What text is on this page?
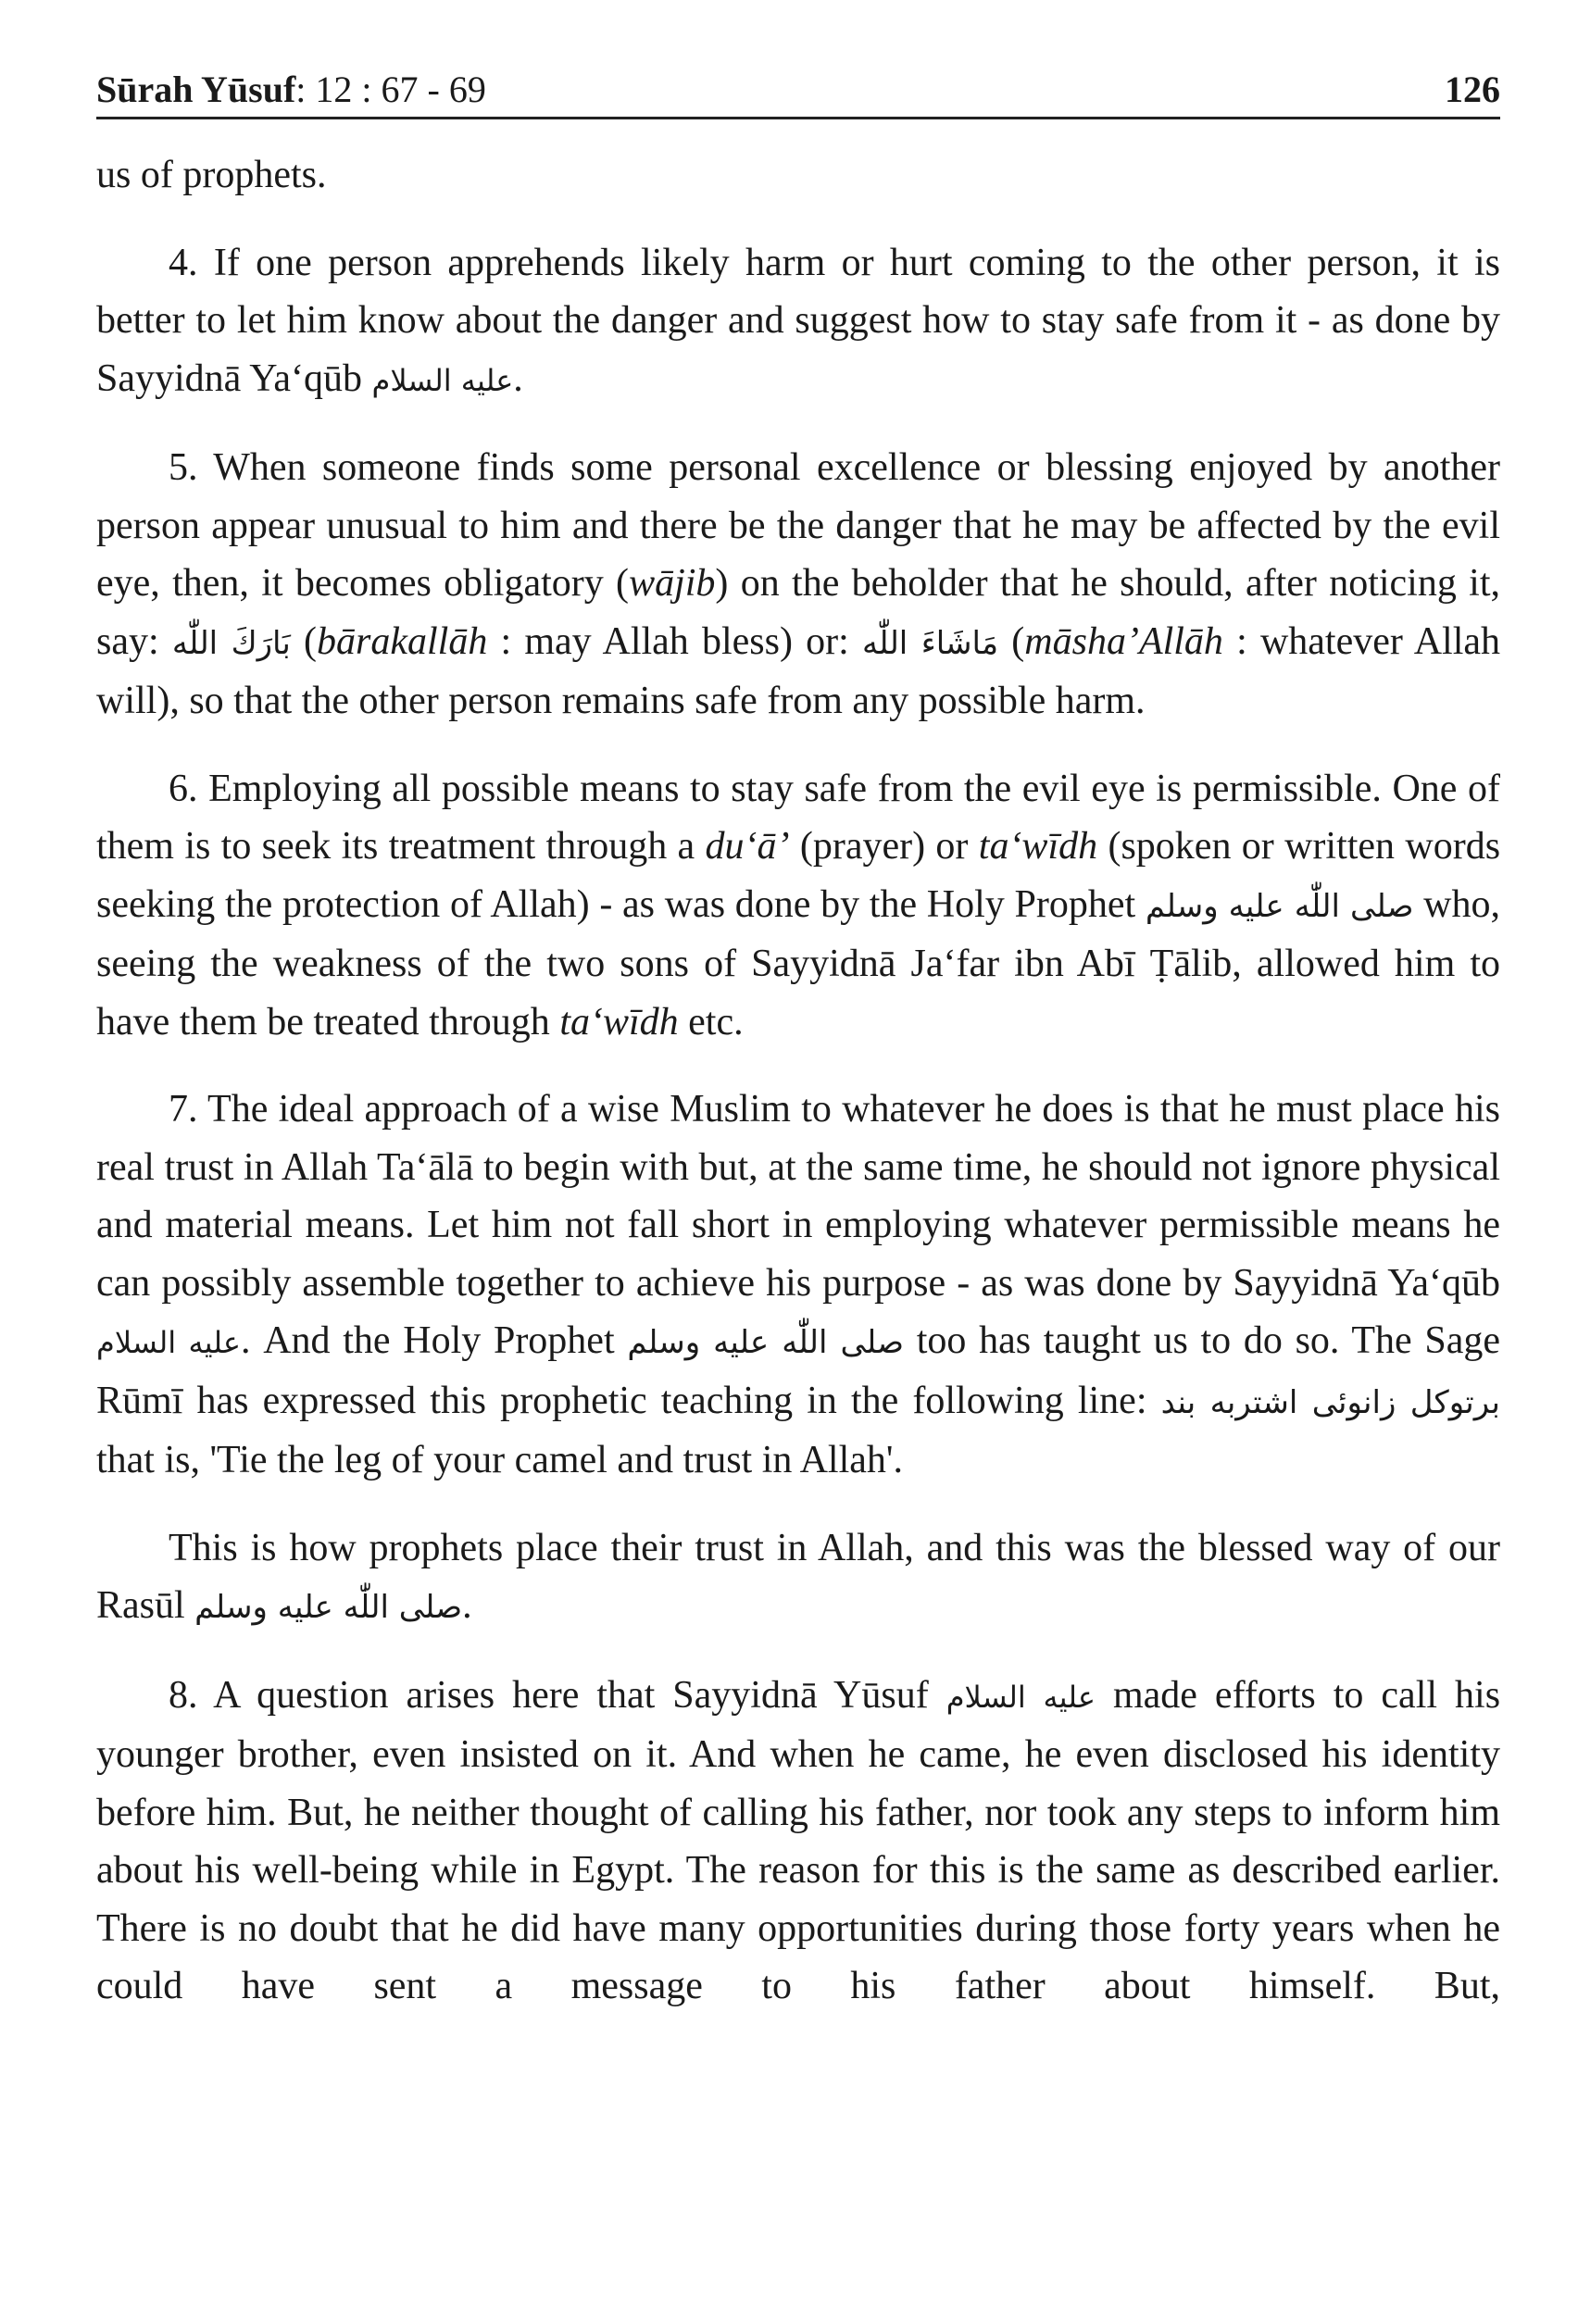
Sūrah Yūsuf: 12 : 67 - 69	126

us of prophets.

4. If one person apprehends likely harm or hurt coming to the other person, it is better to let him know about the danger and suggest how to stay safe from it - as done by Sayyidnā Ya‘qūb عليه السلام.

5. When someone finds some personal excellence or blessing enjoyed by another person appear unusual to him and there be the danger that he may be affected by the evil eye, then, it becomes obligatory (wājib) on the beholder that he should, after noticing it, say: بَارَكَ اللّٰه (bārakallāh : may Allah bless) or: مَاشَاءَ اللّٰه (māsha’Allāh : whatever Allah will), so that the other person remains safe from any possible harm.

6. Employing all possible means to stay safe from the evil eye is permissible. One of them is to seek its treatment through a du‘ā’ (prayer) or ta‘wīdh (spoken or written words seeking the protection of Allah) - as was done by the Holy Prophet صلى اللّٰه عليه وسلم who, seeing the weakness of the two sons of Sayyidnā Ja‘far ibn Abī Ṭālib, allowed him to have them be treated through ta‘wīdh etc.

7. The ideal approach of a wise Muslim to whatever he does is that he must place his real trust in Allah Ta‘ālā to begin with but, at the same time, he should not ignore physical and material means. Let him not fall short in employing whatever permissible means he can possibly assemble together to achieve his purpose - as was done by Sayyidnā Ya‘qūb عليه السلام. And the Holy Prophet صلى اللّٰه عليه وسلم too has taught us to do so. The Sage Rūmī has expressed this prophetic teaching in the following line: برتوکل زانوئی اشتربه بند that is, 'Tie the leg of your camel and trust in Allah'.

This is how prophets place their trust in Allah, and this was the blessed way of our Rasūl صلى اللّٰه عليه وسلم.

8. A question arises here that Sayyidnā Yūsuf عليه السلام made efforts to call his younger brother, even insisted on it. And when he came, he even disclosed his identity before him. But, he neither thought of calling his father, nor took any steps to inform him about his well-being while in Egypt. The reason for this is the same as described earlier. There is no doubt that he did have many opportunities during those forty years when he could have sent a message to his father about himself. But,
